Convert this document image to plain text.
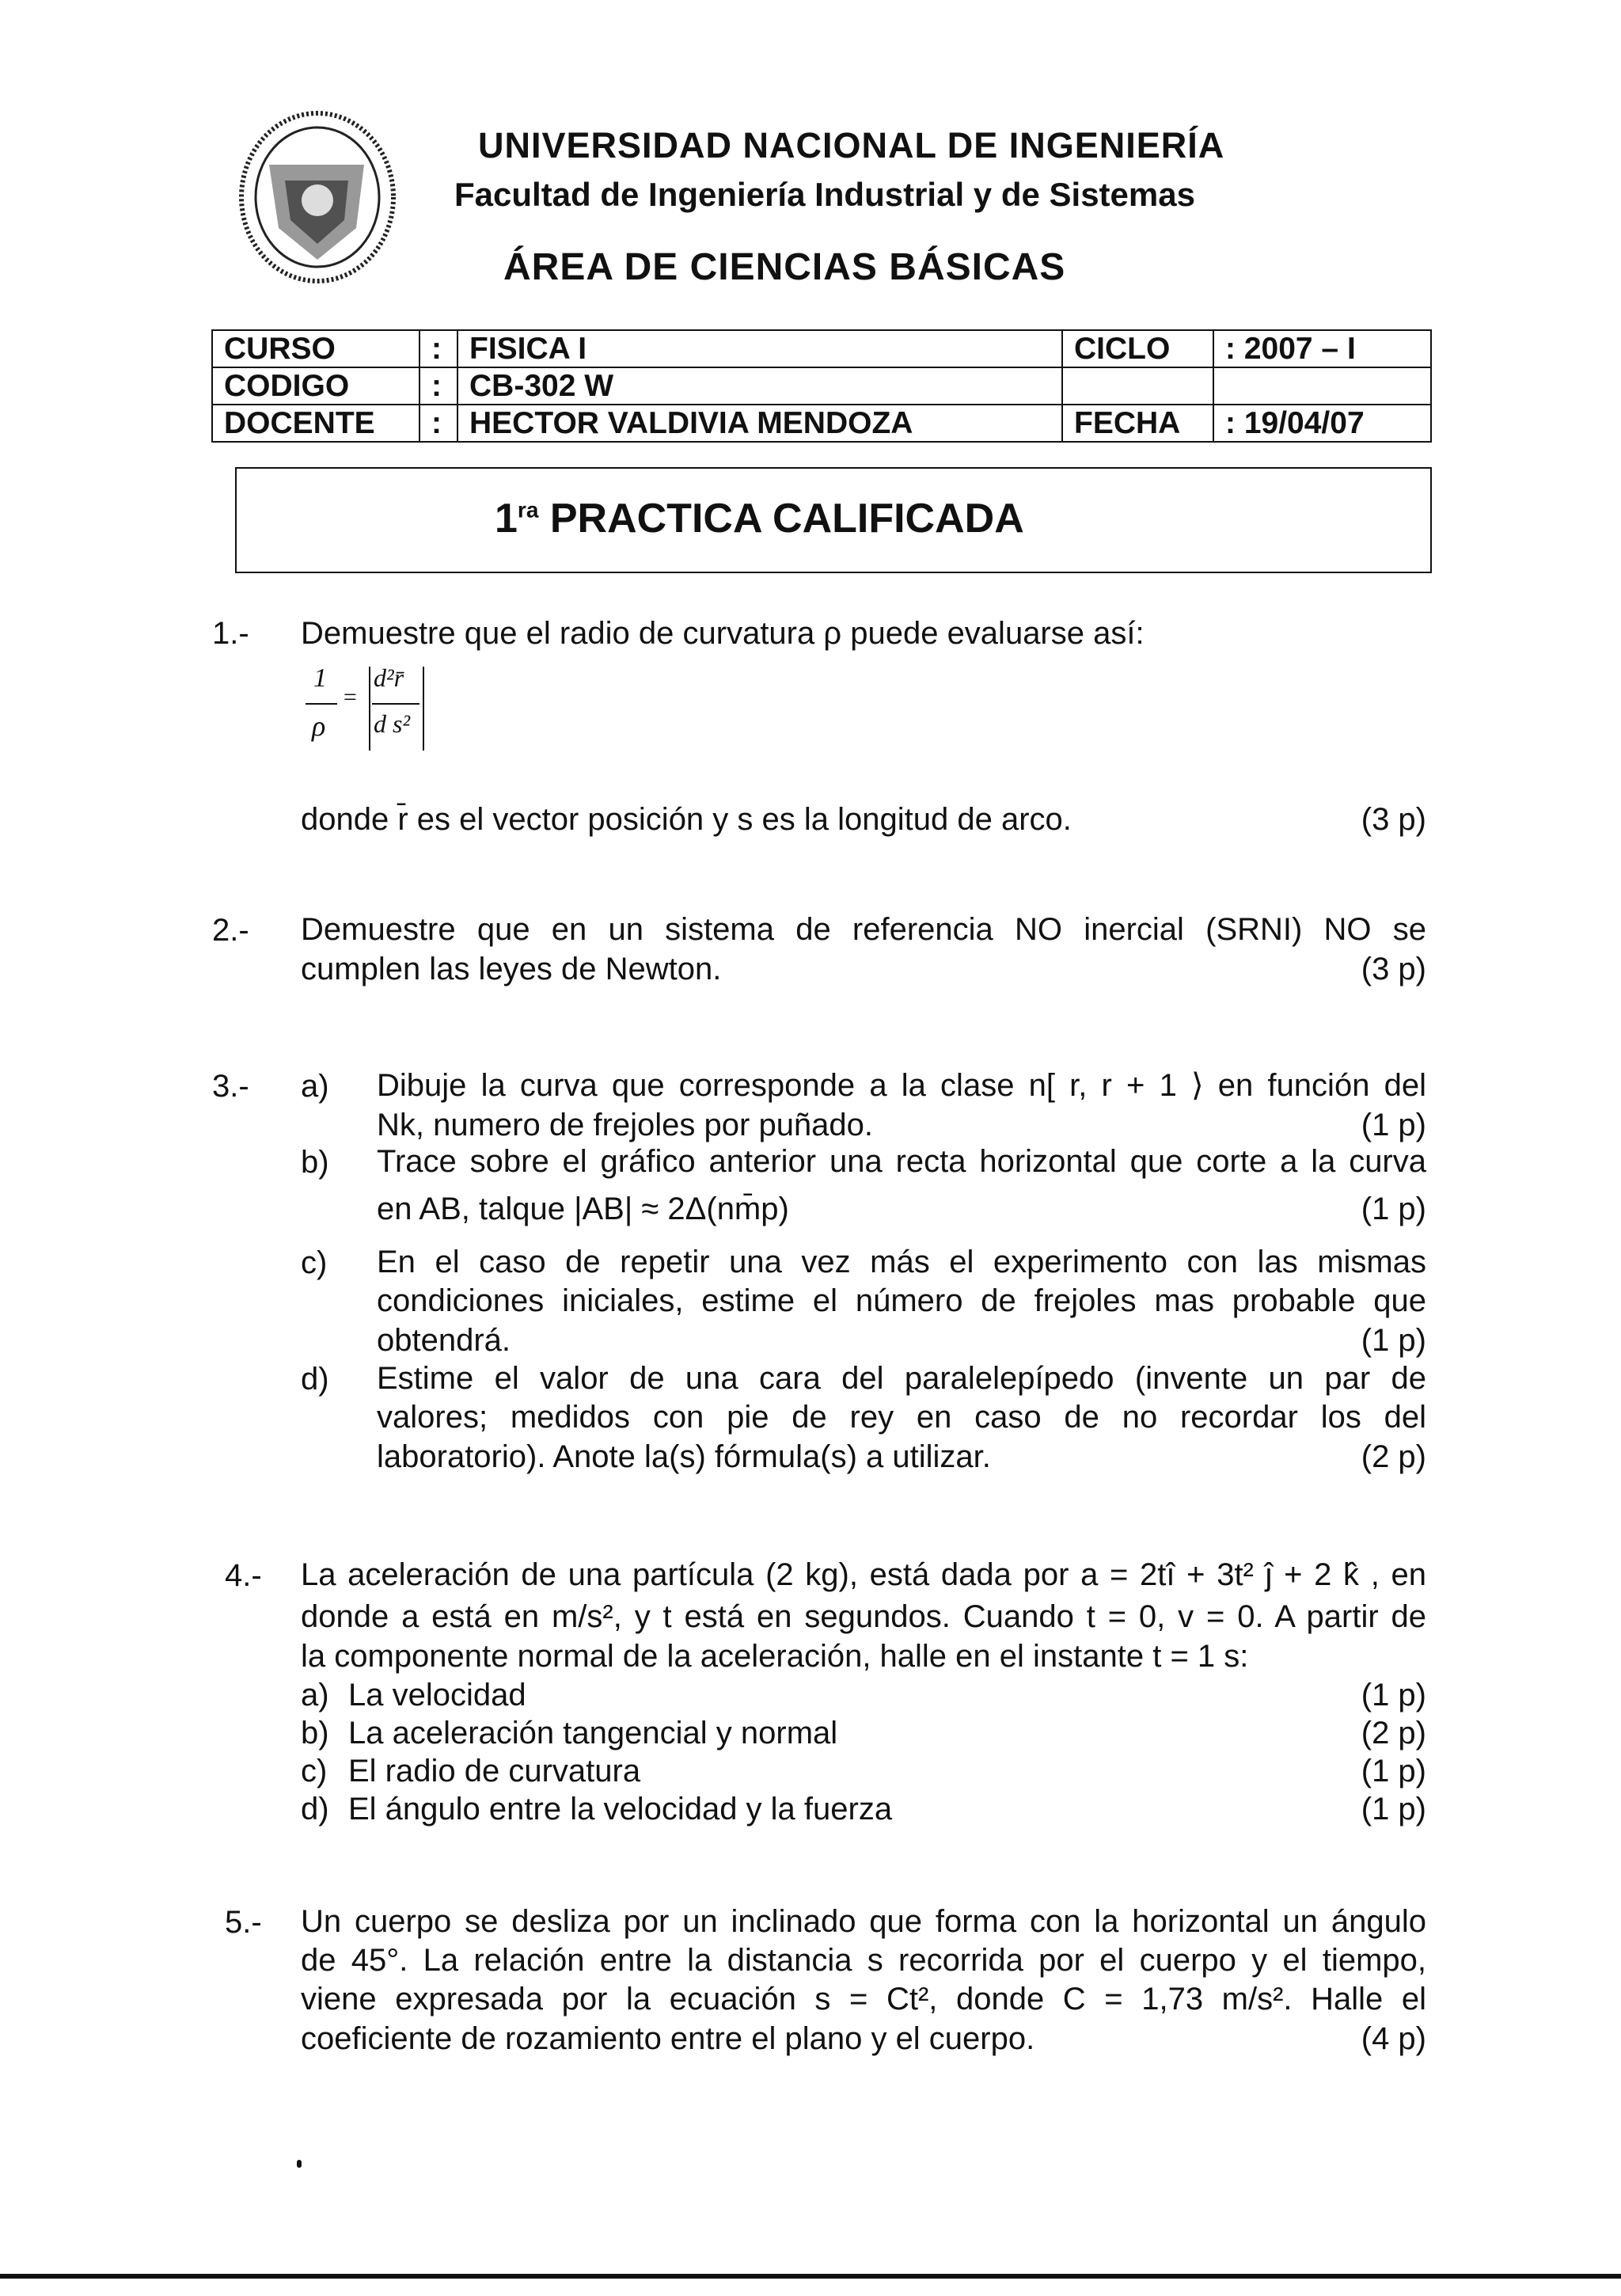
UNIVERSIDAD NACIONAL DE INGENIERÍA
Facultad de Ingeniería Industrial y de Sistemas
ÁREA DE CIENCIAS BÁSICAS
CURSO	:	FISICA I	CICLO	: 2007 – I
CODIGO	:	CB-302 W		
DOCENTE	:	HECTOR VALDIVIA MENDOZA	FECHA	: 19/04/07
$1^{ra}$ PRACTICA CALIFICADA
1.- Demuestre que el radio de curvatura ρ puede evaluarse así:
1
ρ
=
d²r̄
d s²
donde r̄ es el vector posición y s es la longitud de arco.	(3 p)
2.- Demuestre que en un sistema de referencia NO inercial (SRNI) NO se
cumplen las leyes de Newton.	(3 p)
3.- a) Dibuje la curva que corresponde a la clase n[ r, r + 1 ⟩ en función del
Nk, numero de frejoles por puñado.	(1 p)
b) Trace sobre el gráfico anterior una recta horizontal que corte a la curva
en AB, talque |AB| ≈ 2Δ(nm̄p)	(1 p)
c) En el caso de repetir una vez más el experimento con las mismas
condiciones iniciales, estime el número de frejoles mas probable que
obtendrá.	(1 p)
d) Estime el valor de una cara del paralelepípedo (invente un par de
valores; medidos con pie de rey en caso de no recordar los del
laboratorio). Anote la(s) fórmula(s) a utilizar.	(2 p)
4.- La aceleración de una partícula (2 kg), está dada por a = 2tî + 3t² ĵ + 2 k̂ , en
donde a está en m/s², y t está en segundos. Cuando t = 0, v = 0. A partir de
la componente normal de la aceleración, halle en el instante t = 1 s:
a) La velocidad	(1 p)
b) La aceleración tangencial y normal	(2 p)
c) El radio de curvatura	(1 p)
d) El ángulo entre la velocidad y la fuerza	(1 p)
5.- Un cuerpo se desliza por un inclinado que forma con la horizontal un ángulo
de 45°. La relación entre la distancia s recorrida por el cuerpo y el tiempo,
viene expresada por la ecuación s = Ct², donde C = 1,73 m/s². Halle el
coeficiente de rozamiento entre el plano y el cuerpo.	(4 p)
